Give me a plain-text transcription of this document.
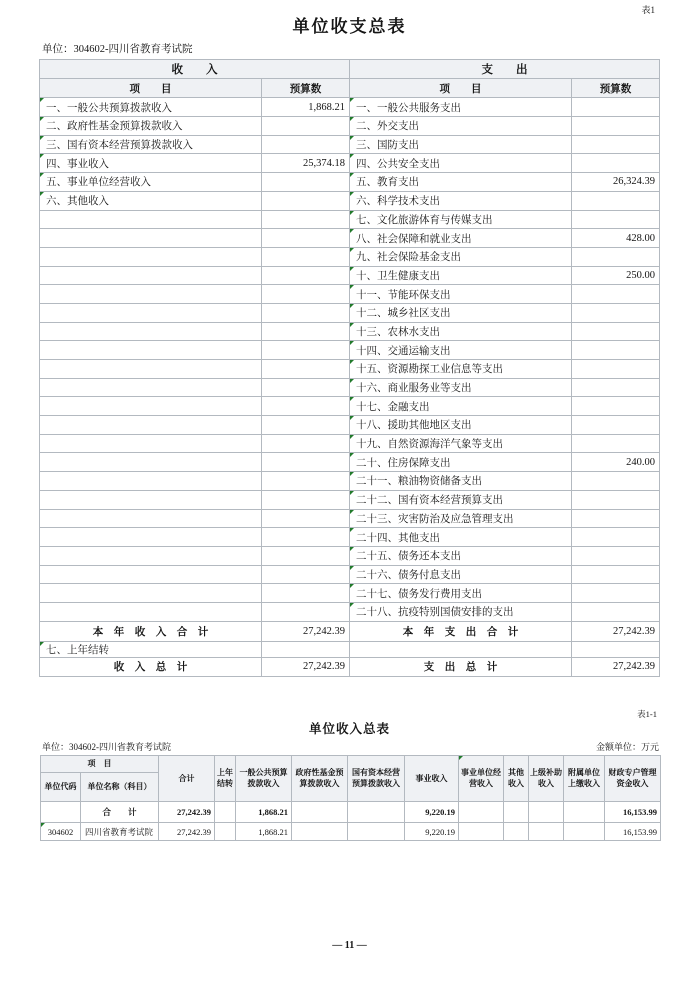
表1
单位收支总表
单位：304602-四川省教育考试院
收　　入		支　　出	
项　　目	预算数	项　　目	预算数
一、一般公共预算拨款收入	1,868.21	一、一般公共服务支出	
二、政府性基金预算拨款收入		二、外交支出	
三、国有资本经营预算拨款收入		三、国防支出	
四、事业收入	25,374.18	四、公共安全支出	
五、事业单位经营收入		五、教育支出	26,324.39
六、其他收入		六、科学技术支出	
		七、文化旅游体育与传媒支出	
		八、社会保障和就业支出	428.00
		九、社会保险基金支出	
		十、卫生健康支出	250.00
		十一、节能环保支出	
		十二、城乡社区支出	
		十三、农林水支出	
		十四、交通运输支出	
		十五、资源勘探工业信息等支出	
		十六、商业服务业等支出	
		十七、金融支出	
		十八、援助其他地区支出	
		十九、自然资源海洋气象等支出	
		二十、住房保障支出	240.00
		二十一、粮油物资储备支出	
		二十二、国有资本经营预算支出	
		二十三、灾害防治及应急管理支出	
		二十四、其他支出	
		二十五、债务还本支出	
		二十六、债务付息支出	
		二十七、债务发行费用支出	
		二十八、抗疫特别国债安排的支出	
本　年　收　入　合　计	27,242.39	本　年　支　出　合　计	27,242.39
七、上年结转			
收　入　总　计	27,242.39	支　出　总　计	27,242.39
表1-1
单位收入总表
单位：304602-四川省教育考试院	金额单位：万元
项　目		合计	上年结转	一般公共预算拨款收入	政府性基金预算拨款收入	国有资本经营预算拨款收入	事业收入	事业单位经营收入	其他收入	上级补助收入	附属单位上缴收入	财政专户管理资金收入
单位代码	单位名称（科目）											
	合　　计	27,242.39		1,868.21			9,220.19					16,153.99
304602	四川省教育考试院	27,242.39		1,868.21			9,220.19					16,153.99
— 11 —
